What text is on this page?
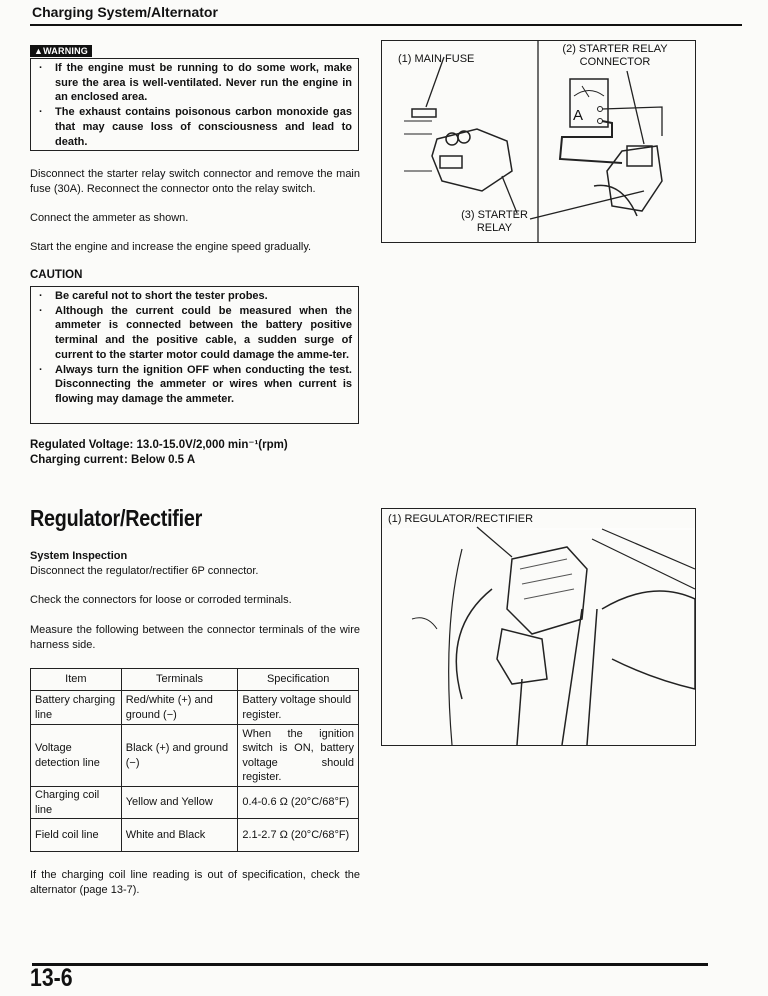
Charging System/Alternator
▲WARNING
·	If the engine must be running to do some work, make sure the area is well-ventilated. Never run the engine in an enclosed area.
·	The exhaust contains poisonous carbon monoxide gas that may cause loss of consciousness and lead to death.
Disconnect the starter relay switch connector and remove the main fuse (30A). Reconnect the connector onto the relay switch.
Connect the ammeter as shown.
Start the engine and increase the engine speed gradually.
CAUTION
·	Be careful not to short the tester probes.
·	Although the current could be measured when the ammeter is connected between the battery positive terminal and the positive cable, a sudden surge of current to the starter motor could damage the amme-ter.
·	Always turn the ignition OFF when conducting the test. Disconnecting the ammeter or wires when current is flowing may damage the ammeter.
Regulated Voltage: 13.0-15.0V/2,000 min⁻¹(rpm)
Charging current: Below 0.5 A
(1) MAIN FUSE
(2) STARTER RELAY
CONNECTOR
A
(3) STARTER
RELAY
Regulator/Rectifier
System Inspection
Disconnect the regulator/rectifier 6P connector.
Check the connectors for loose or corroded terminals.
Measure the following between the connector terminals of the wire harness side.
Item	Terminals	Specification
Battery charging line	Red/white (+) and ground (−)	Battery voltage should register.
Voltage detection line	Black (+) and ground (−)	When the ignition switch is ON, battery voltage should register.
Charging coil line	Yellow and Yellow	0.4-0.6 Ω (20°C/68°F)
Field coil line	White and Black	2.1-2.7 Ω (20°C/68°F)
If the charging coil line reading is out of specification, check the alternator (page 13-7).
(1) REGULATOR/RECTIFIER
13-6
